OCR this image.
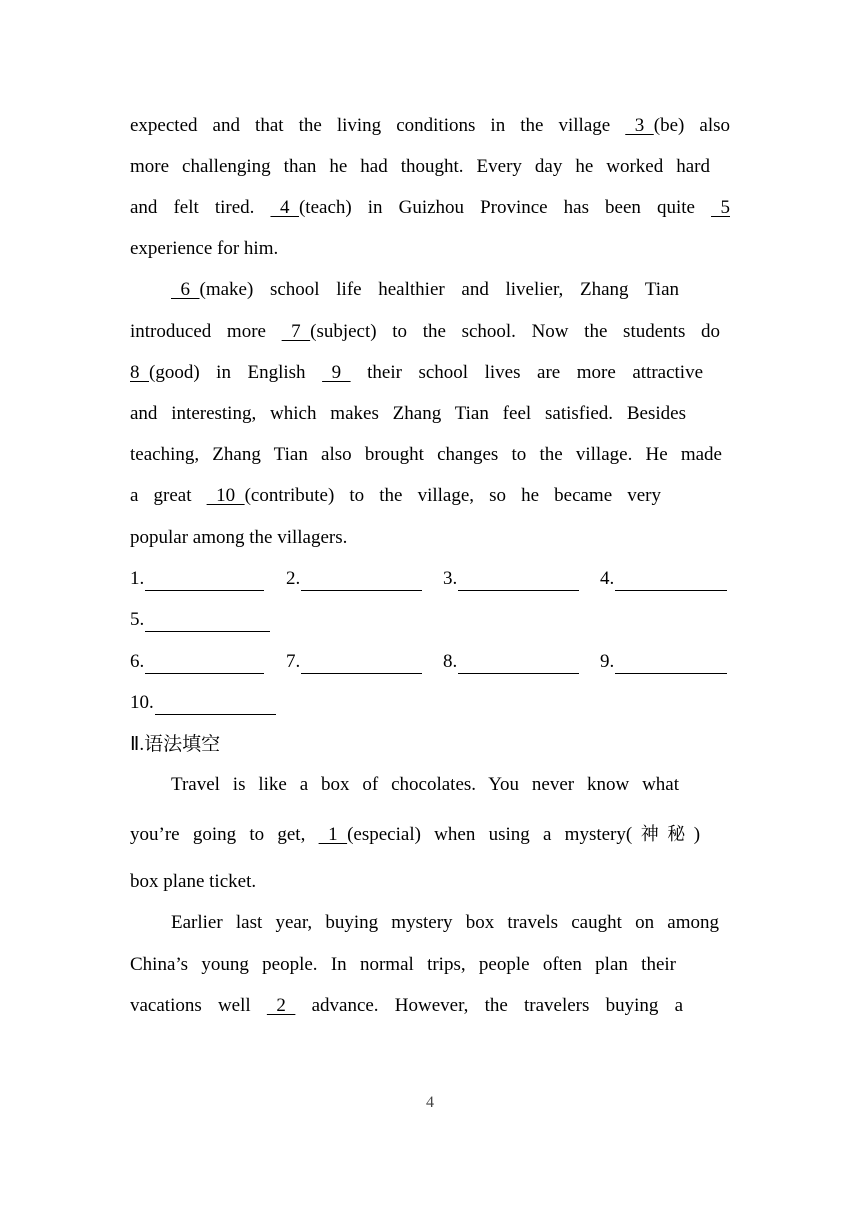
expected and that the living conditions in the village   3  (be) also
more challenging than he had thought. Every day he worked hard
and felt tired.   4  (teach) in Guizhou Province has been quite   5
experience for him.
6  (make) school life healthier and livelier, Zhang Tian
introduced more   7  (subject) to the school. Now the students do
8  (good) in English   9   their school lives are more attractive
and interesting, which makes Zhang Tian feel satisfied. Besides
teaching, Zhang Tian also brought changes to the village. He made
a great   10  (contribute) to the village, so he became very
popular among the villagers.
1.	2.	3.	4.
5.
6.	7.	8.	9.
10.
Ⅱ.语法填空
Travel is like a box of chocolates. You never know what
you’re going to get,   1  (especial) when using a mystery(神秘)
box plane ticket.
Earlier last year, buying mystery box travels caught on among
China’s young people. In normal trips, people often plan their
vacations well   2   advance. However, the travelers buying a
4
